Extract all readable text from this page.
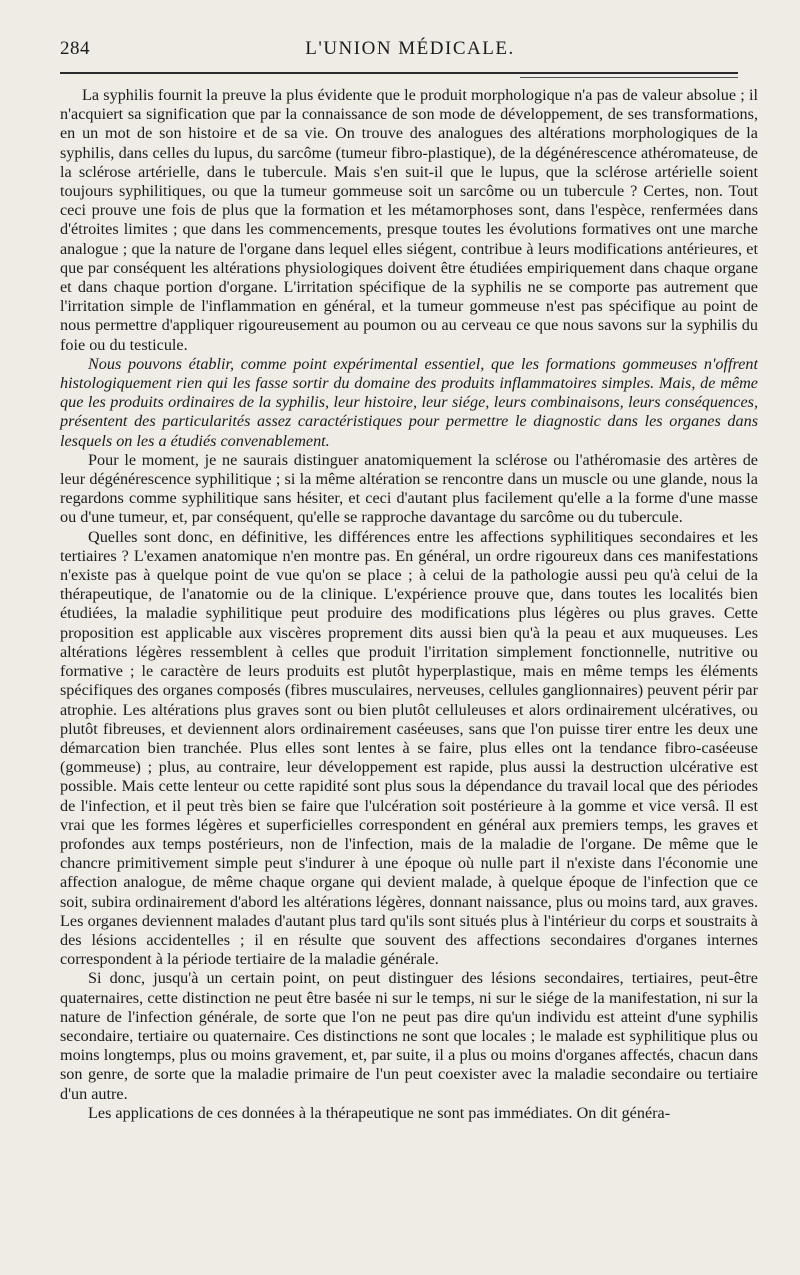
284	L'UNION MÉDICALE.

La syphilis fournit la preuve la plus évidente que le produit morphologique n'a pas de valeur absolue ; il n'acquiert sa signification que par la connaissance de son mode de développement, de ses transformations, en un mot de son histoire et de sa vie. On trouve des analogues des altérations morphologiques de la syphilis, dans celles du lupus, du sarcôme (tumeur fibro-plastique), de la dégénérescence athéromateuse, de la sclérose artérielle, dans le tubercule. Mais s'en suit-il que le lupus, que la sclérose artérielle soient toujours syphilitiques, ou que la tumeur gommeuse soit un sarcôme ou un tubercule ? Certes, non. Tout ceci prouve une fois de plus que la formation et les métamorphoses sont, dans l'espèce, renfermées dans d'étroites limites ; que dans les commencements, presque toutes les évolutions formatives ont une marche analogue ; que la nature de l'organe dans lequel elles siégent, contribue à leurs modifications antérieures, et que par conséquent les altérations physiologiques doivent être étudiées empiriquement dans chaque organe et dans chaque portion d'organe. L'irritation spécifique de la syphilis ne se comporte pas autrement que l'irritation simple de l'inflammation en général, et la tumeur gommeuse n'est pas spécifique au point de nous permettre d'appliquer rigoureusement au poumon ou au cerveau ce que nous savons sur la syphilis du foie ou du testicule.

Nous pouvons établir, comme point expérimental essentiel, que les formations gommeuses n'offrent histologiquement rien qui les fasse sortir du domaine des produits inflammatoires simples. Mais, de même que les produits ordinaires de la syphilis, leur histoire, leur siége, leurs combinaisons, leurs conséquences, présentent des particularités assez caractéristiques pour permettre le diagnostic dans les organes dans lesquels on les a étudiés convenablement.

Pour le moment, je ne saurais distinguer anatomiquement la sclérose ou l'athéromasie des artères de leur dégénérescence syphilitique ; si la même altération se rencontre dans un muscle ou une glande, nous la regardons comme syphilitique sans hésiter, et ceci d'autant plus facilement qu'elle a la forme d'une masse ou d'une tumeur, et, par conséquent, qu'elle se rapproche davantage du sarcôme ou du tubercule.

Quelles sont donc, en définitive, les différences entre les affections syphilitiques secondaires et les tertiaires ? L'examen anatomique n'en montre pas. En général, un ordre rigoureux dans ces manifestations n'existe pas à quelque point de vue qu'on se place ; à celui de la pathologie aussi peu qu'à celui de la thérapeutique, de l'anatomie ou de la clinique. L'expérience prouve que, dans toutes les localités bien étudiées, la maladie syphilitique peut produire des modifications plus légères ou plus graves. Cette proposition est applicable aux viscères proprement dits aussi bien qu'à la peau et aux muqueuses. Les altérations légères ressemblent à celles que produit l'irritation simplement fonctionnelle, nutritive ou formative ; le caractère de leurs produits est plutôt hyperplastique, mais en même temps les éléments spécifiques des organes composés (fibres musculaires, nerveuses, cellules ganglionnaires) peuvent périr par atrophie. Les altérations plus graves sont ou bien plutôt celluleuses et alors ordinairement ulcératives, ou plutôt fibreuses, et deviennent alors ordinairement caséeuses, sans que l'on puisse tirer entre les deux une démarcation bien tranchée. Plus elles sont lentes à se faire, plus elles ont la tendance fibro-caséeuse (gommeuse) ; plus, au contraire, leur développement est rapide, plus aussi la destruction ulcérative est possible. Mais cette lenteur ou cette rapidité sont plus sous la dépendance du travail local que des périodes de l'infection, et il peut très bien se faire que l'ulcération soit postérieure à la gomme et vice versâ. Il est vrai que les formes légères et superficielles correspondent en général aux premiers temps, les graves et profondes aux temps postérieurs, non de l'infection, mais de la maladie de l'organe. De même que le chancre primitivement simple peut s'indurer à une époque où nulle part il n'existe dans l'économie une affection analogue, de même chaque organe qui devient malade, à quelque époque de l'infection que ce soit, subira ordinairement d'abord les altérations légères, donnant naissance, plus ou moins tard, aux graves. Les organes deviennent malades d'autant plus tard qu'ils sont situés plus à l'intérieur du corps et soustraits à des lésions accidentelles ; il en résulte que souvent des affections secondaires d'organes internes correspondent à la période tertiaire de la maladie générale.

Si donc, jusqu'à un certain point, on peut distinguer des lésions secondaires, tertiaires, peut-être quaternaires, cette distinction ne peut être basée ni sur le temps, ni sur le siége de la manifestation, ni sur la nature de l'infection générale, de sorte que l'on ne peut pas dire qu'un individu est atteint d'une syphilis secondaire, tertiaire ou quaternaire. Ces distinctions ne sont que locales ; le malade est syphilitique plus ou moins longtemps, plus ou moins gravement, et, par suite, il a plus ou moins d'organes affectés, chacun dans son genre, de sorte que la maladie primaire de l'un peut coexister avec la maladie secondaire ou tertiaire d'un autre.

Les applications de ces données à la thérapeutique ne sont pas immédiates. On dit généra-
